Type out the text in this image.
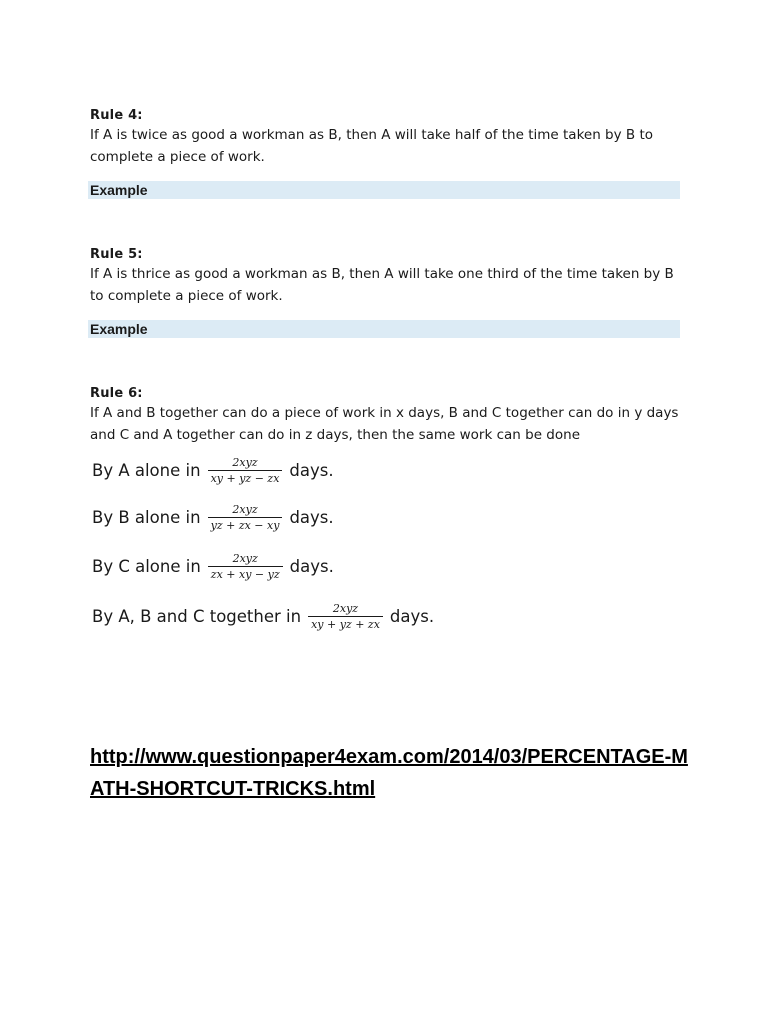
Rule 4:
If A is twice as good a workman as B, then A will take half of the time taken by B to complete a piece of work.
Example
Rule 5:
If A is thrice as good a workman as B, then A will take one third of the time taken by B to complete a piece of work.
Example
Rule 6:
If A and B together can do a piece of work in x days, B and C together can do in y days and C and A together can do in z days, then the same work can be done
By A alone in $\frac{\text{2xyz}}{xy + yz - zx}$ days.
By B alone in $\frac{\text{2xyz}}{yz + zx - xy}$ days.
By C alone in $\frac{\text{2xyz}}{zx + xy - yz}$ days.
By A, B and C together in $\frac{\text{2xyz}}{xy + yz + zx}$ days.
http://www.questionpaper4exam.com/2014/03/PERCENTAGE-MATH-SHORTCUT-TRICKS.html
